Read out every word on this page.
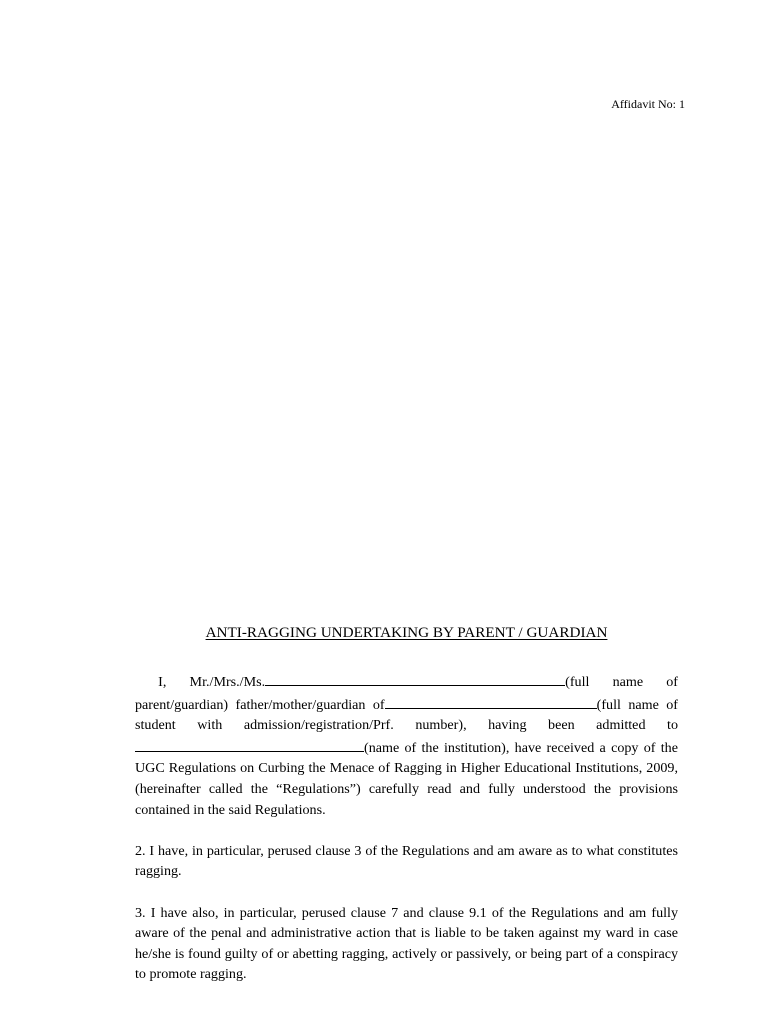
Affidavit No: 1
ANTI-RAGGING UNDERTAKING BY PARENT / GUARDIAN

I, Mr./Mrs./Ms.	(full name of parent/guardian) father/mother/guardian of	(full name of student with admission/registration/Prf. number), having been admitted to (name of the institution), have received a copy of the UGC Regulations on Curbing the Menace of Ragging in Higher Educational Institutions, 2009, (hereinafter called the “Regulations”) carefully read and fully understood the provisions contained in the said Regulations.

2. I have, in particular, perused clause 3 of the Regulations and am aware as to what constitutes ragging.

3. I have also, in particular, perused clause 7 and clause 9.1 of the Regulations and am fully aware of the penal and administrative action that is liable to be taken against my ward in case he/she is found guilty of or abetting ragging, actively or passively, or being part of a conspiracy to promote ragging.
